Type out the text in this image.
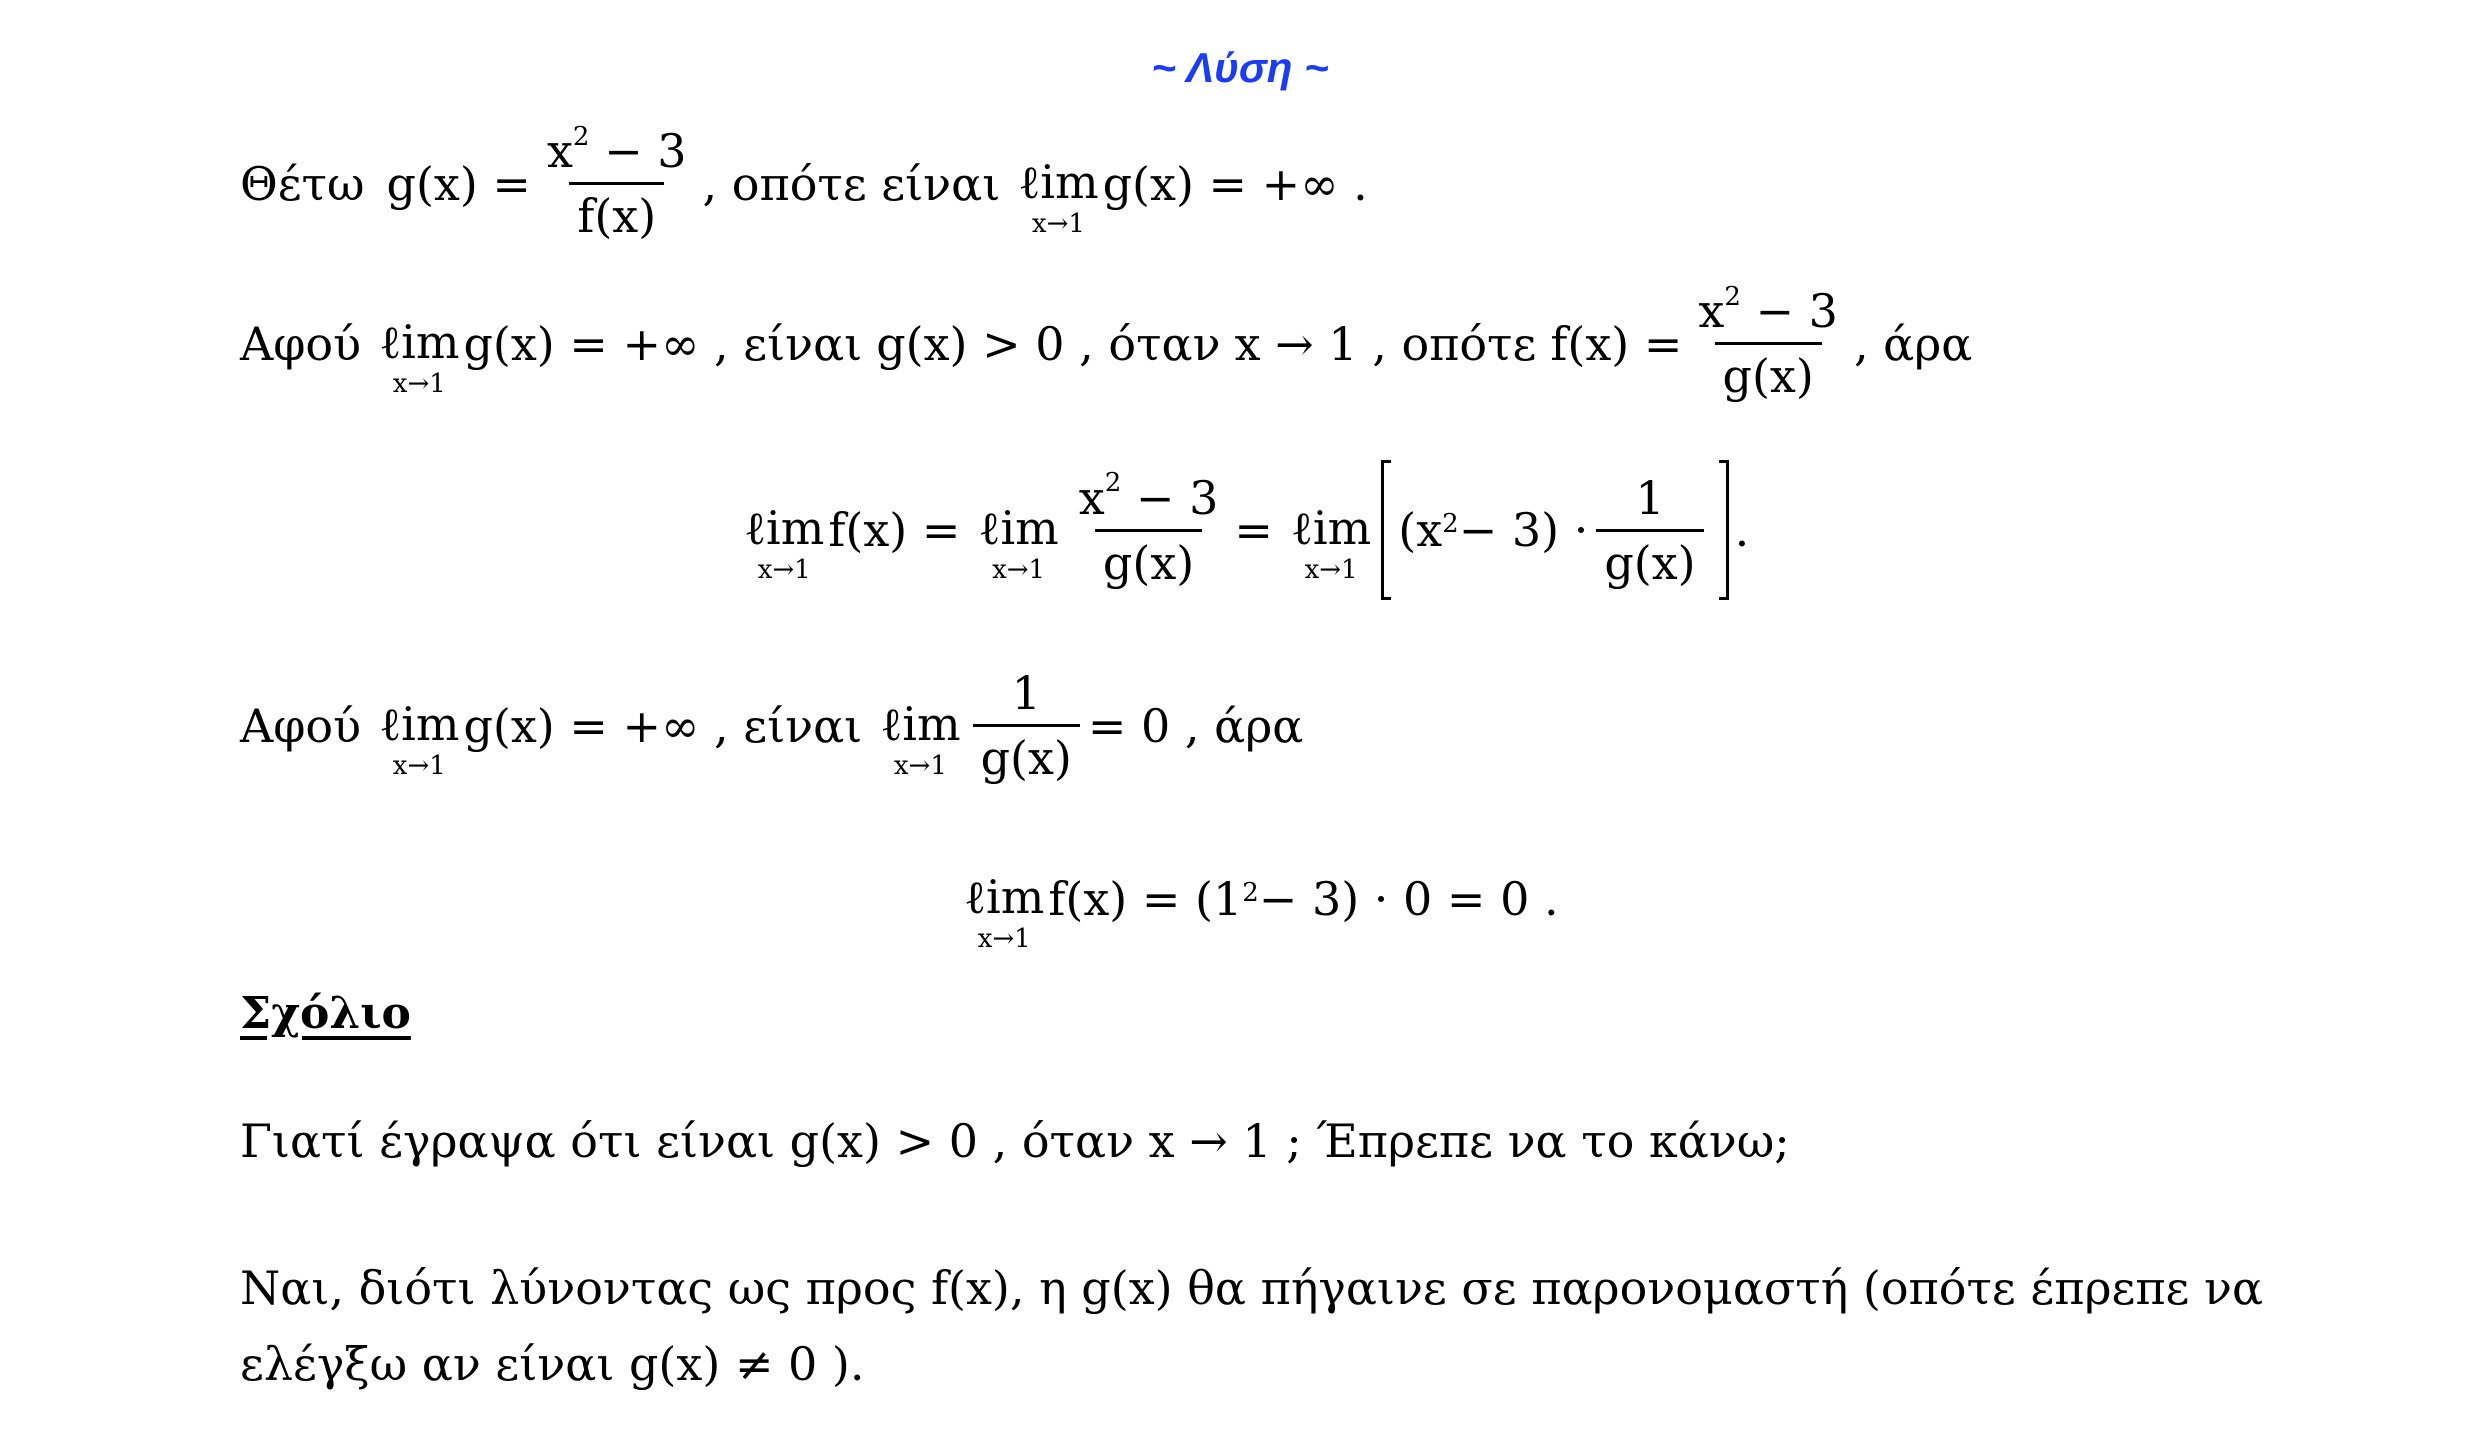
~ Λύση ~
Θέτω $g(x) = \frac{x^2 - 3}{f(x)}$ , οπότε είναι ℓim
x→1
g(x) = +∞ .
Αφού ℓim
x→1
g(x) = +∞ , είναι g(x) > 0 , όταν x → 1 , οπότε $f(x) = \frac{x^2 - 3}{g(x)}$ , άρα
ℓim
x→1
f(x) = ℓim
$x\to 1 \frac{x^2 - 3}{g(x)}$ = ℓim
x→1
$(x^2 - 3) \cdot \frac{1}{g(x)}$ .
Αφού ℓim
x→1
g(x) = +∞ , είναι ℓim
$x\to 1 \frac{1}{g(x)} = 0$ , άρα
ℓim
x→1
$f(x) = (1^2 - 3) \cdot 0 = 0$ .
Σχόλιο
Γιατί έγραψα ότι είναι g(x) > 0 , όταν x → 1 ; Έπρεπε να το κάνω;
Ναι, διότι λύνοντας ως προς f(x), η g(x) θα πήγαινε σε παρονομαστή (οπότε έπρεπε να ελέγξω αν είναι g(x) ≠ 0 ).
